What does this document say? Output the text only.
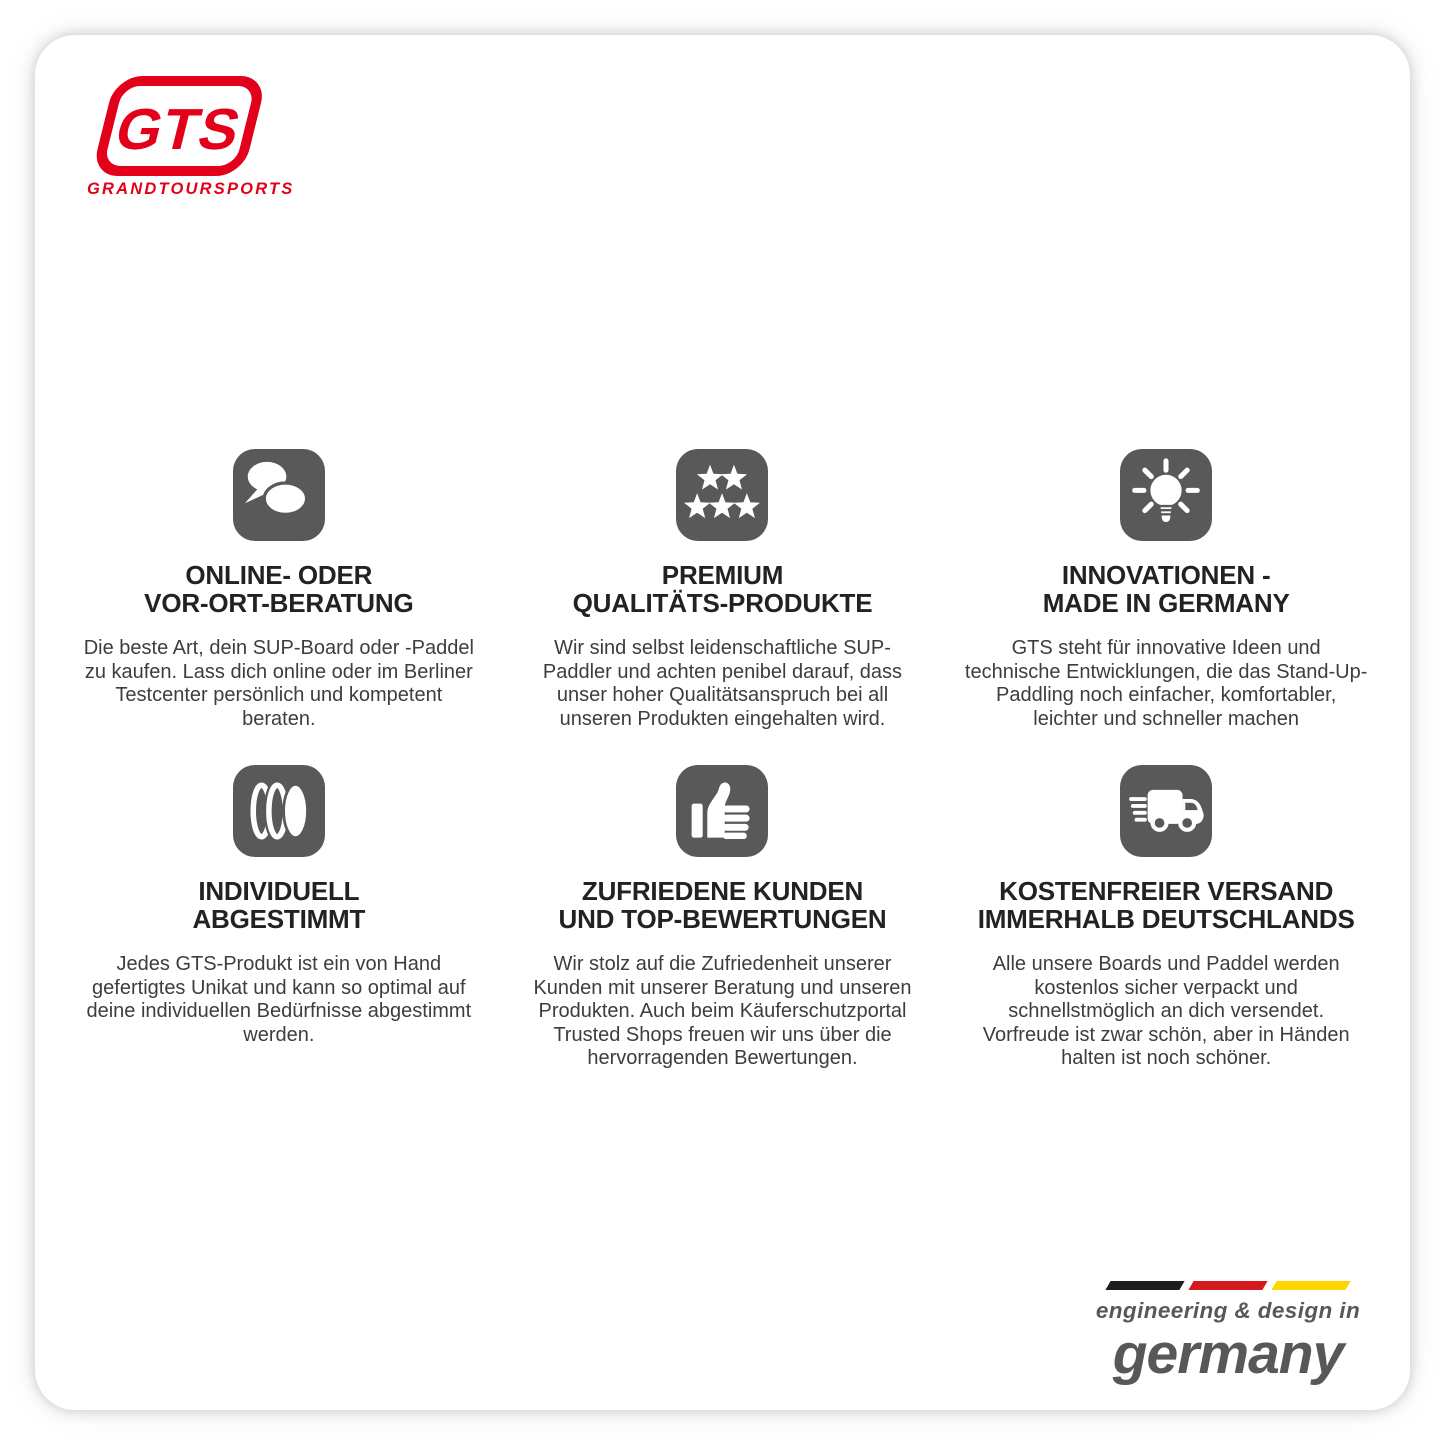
GTS
GRANDTOURSPORTS
ONLINE- ODER
VOR-ORT-BERATUNG

Die beste Art, dein SUP-Board oder -Paddel zu kaufen. Lass dich online oder im Berliner Testcenter persönlich und kompetent beraten.

PREMIUM
QUALITÄTS-PRODUKTE

Wir sind selbst leidenschaftliche SUP-Paddler und achten penibel darauf, dass unser hoher Qualitätsanspruch bei all unseren Produkten eingehalten wird.

INNOVATIONEN -
MADE IN GERMANY

GTS steht für innovative Ideen und technische Entwicklungen, die das Stand-Up-Paddling noch einfacher, komfortabler, leichter und schneller machen

INDIVIDUELL
ABGESTIMMT

Jedes GTS-Produkt ist ein von Hand gefertigtes Unikat und kann so optimal auf deine individuellen Bedürfnisse abgestimmt werden.

ZUFRIEDENE KUNDEN
UND TOP-BEWERTUNGEN

Wir stolz auf die Zufriedenheit unserer Kunden mit unserer Beratung und unseren Produkten. Auch beim Käuferschutzportal Trusted Shops freuen wir uns über die hervorragenden Bewertungen.

KOSTENFREIER VERSAND
IMMERHALB DEUTSCHLANDS

Alle unsere Boards und Paddel werden kostenlos sicher verpackt und schnellstmöglich an dich versendet. Vorfreude ist zwar schön, aber in Händen halten ist noch schöner.

engineering & design in
germany
